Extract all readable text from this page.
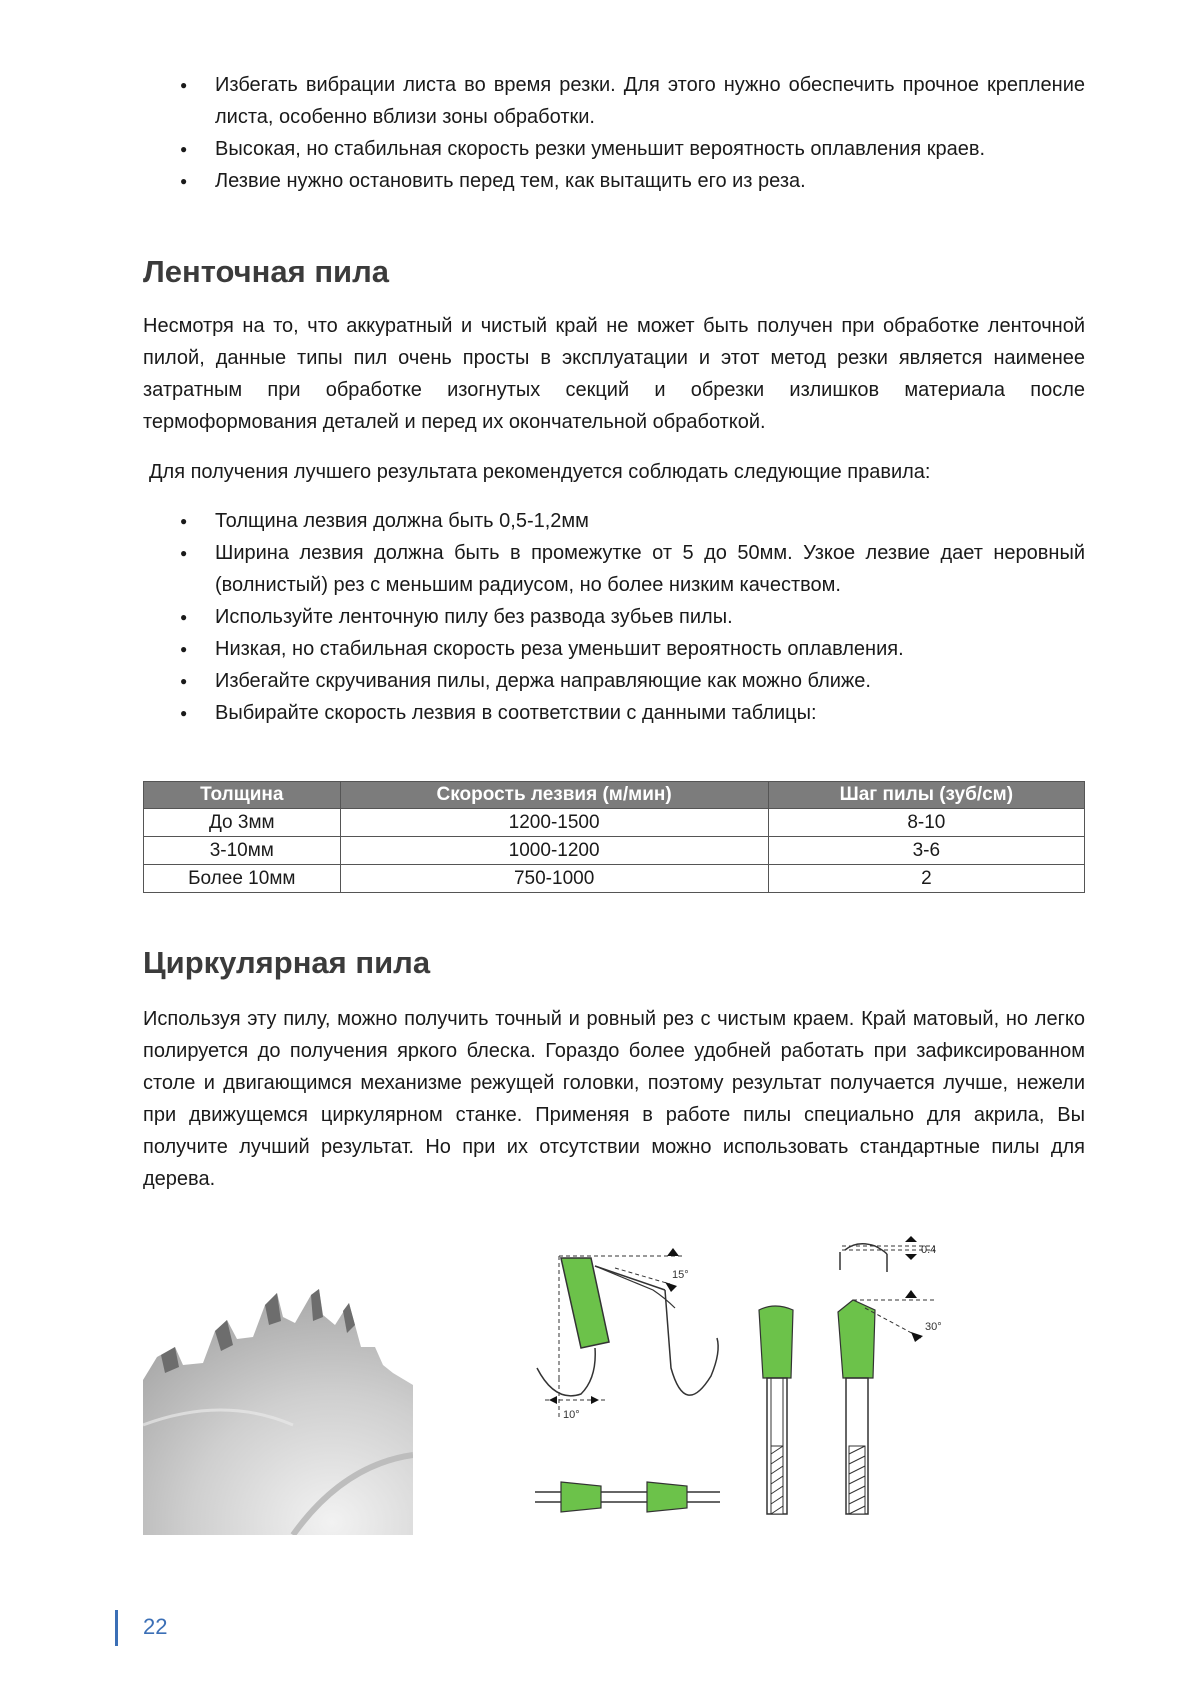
● Избегать вибрации листа во время резки. Для этого нужно обеспечить прочное крепление листа, особенно вблизи зоны обработки.
● Высокая, но стабильная скорость резки уменьшит вероятность оплавления краев.
● Лезвие нужно остановить перед тем, как вытащить его из реза.
Ленточная пила

Несмотря на то, что аккуратный и чистый край не может быть получен при обработке ленточной пилой, данные типы пил очень просты в эксплуатации и этот метод резки является наименее затратным при обработке изогнутых секций и обрезки излишков материала после термоформования деталей и перед их окончательной обработкой.

Для получения лучшего результата рекомендуется соблюдать следующие правила:

● Толщина лезвия должна быть 0,5-1,2мм
● Ширина лезвия должна быть в промежутке от 5 до 50мм. Узкое лезвие дает неровный (волнистый) рез с меньшим радиусом, но более низким качеством.
● Используйте ленточную пилу без развода зубьев пилы.
● Низкая, но стабильная скорость реза уменьшит вероятность оплавления.
● Избегайте скручивания пилы, держа направляющие как можно ближе.
● Выбирайте скорость лезвия в соответствии с данными таблицы:
Толщина	Скорость лезвия (м/мин)	Шаг пилы (зуб/см)
До 3мм	1200-1500	8-10
3-10мм	1000-1200	3-6
Более 10мм	750-1000	2
Циркулярная пила

Используя эту пилу, можно получить точный и ровный рез с чистым краем. Край матовый, но легко полируется до получения яркого блеска. Гораздо более удобней работать при зафиксированном столе и двигающимся механизме режущей головки, поэтому результат получается лучше, нежели при движущемся циркулярном станке. Применяя в работе пилы специально для акрила, Вы получите лучший результат. Но при их отсутствии можно использовать стандартные пилы для дерева.

15°
10°
30°
0.4
22
